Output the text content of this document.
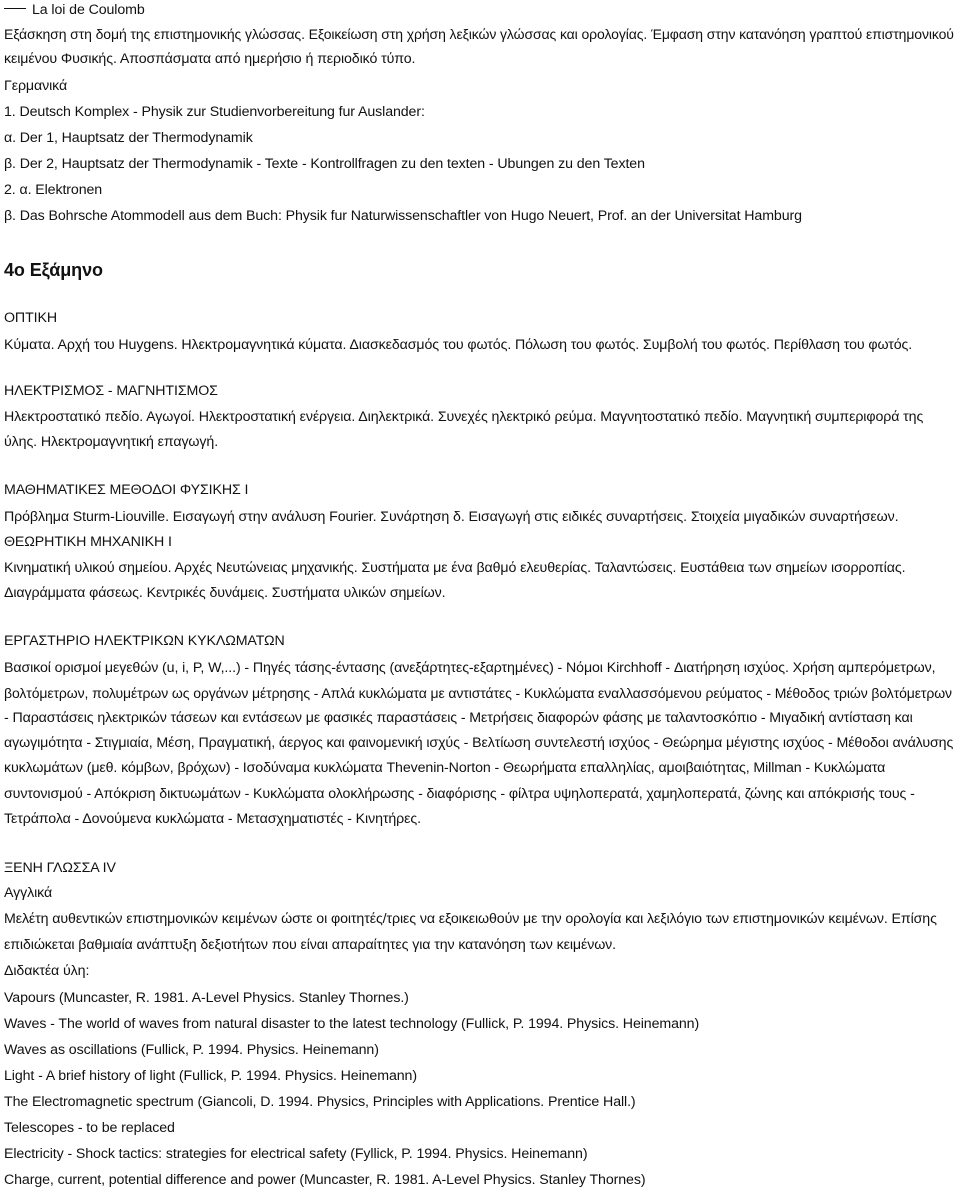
La loi de Coulomb
Εξάσκηση στη δομή της επιστημονικής γλώσσας. Εξοικείωση στη χρήση λεξικών γλώσσας και ορολογίας. Έμφαση στην κατανόηση γραπτού επιστημονικού
κειμένου Φυσικής. Αποσπάσματα από ημερήσιο ή περιοδικό τύπο.
Γερμανικά
1. Deutsch Komplex - Physik zur Studienvorbereitung fur Auslander:
α. Der 1, Hauptsatz der Thermodynamik
β. Der 2, Hauptsatz der Thermodynamik - Texte - Kontrollfragen zu den texten - Ubungen zu den Texten
2. α. Elektronen
β. Das Bohrsche Atommodell aus dem Buch: Physik fur Naturwissenschaftler von Hugo Neuert, Prof. an der Universitat Hamburg
4ο Εξάμηνο
ΟΠΤΙΚΗ
Κύματα. Αρχή του Huygens. Ηλεκτρομαγνητικά κύματα. Διασκεδασμός του φωτός. Πόλωση του φωτός. Συμβολή του φωτός. Περίθλαση του φωτός.
ΗΛΕΚΤΡΙΣΜΟΣ - ΜΑΓΝΗΤΙΣΜΟΣ
Ηλεκτροστατικό πεδίο. Αγωγοί. Ηλεκτροστατική ενέργεια. Διηλεκτρικά. Συνεχές ηλεκτρικό ρεύμα. Μαγνητοστατικό πεδίο. Μαγνητική συμπεριφορά της
ύλης. Ηλεκτρομαγνητική επαγωγή.
ΜΑΘΗΜΑΤΙΚΕΣ ΜΕΘΟΔΟΙ ΦΥΣΙΚΗΣ Ι
Πρόβλημα Sturm-Liouville. Εισαγωγή στην ανάλυση Fourier. Συνάρτηση δ. Εισαγωγή στις ειδικές συναρτήσεις. Στοιχεία μιγαδικών συναρτήσεων.
ΘΕΩΡΗΤΙΚΗ ΜΗΧΑΝΙΚΗ Ι
Κινηματική υλικού σημείου. Αρχές Νευτώνειας μηχανικής. Συστήματα με ένα βαθμό ελευθερίας. Ταλαντώσεις. Ευστάθεια των σημείων ισορροπίας.
Διαγράμματα φάσεως. Κεντρικές δυνάμεις. Συστήματα υλικών σημείων.
ΕΡΓΑΣΤΗΡΙΟ ΗΛΕΚΤΡΙΚΩΝ ΚΥΚΛΩΜΑΤΩΝ
Βασικοί ορισμοί μεγεθών (u, i, P, W,...) - Πηγές τάσης-έντασης (ανεξάρτητες-εξαρτημένες) - Νόμοι Kirchhoff - Διατήρηση ισχύος. Χρήση αμπερόμετρων,
βολτόμετρων, πολυμέτρων ως οργάνων μέτρησης - Απλά κυκλώματα με αντιστάτες - Κυκλώματα εναλλασσόμενου ρεύματος - Μέθοδος τριών βολτόμετρων
- Παραστάσεις ηλεκτρικών τάσεων και εντάσεων με φασικές παραστάσεις - Μετρήσεις διαφορών φάσης με ταλαντοσκόπιο - Μιγαδική αντίσταση και
αγωγιμότητα - Στιγμιαία, Μέση, Πραγματική, άεργος και φαινομενική ισχύς - Βελτίωση συντελεστή ισχύος - Θεώρημα μέγιστης ισχύος - Μέθοδοι ανάλυσης
κυκλωμάτων (μεθ. κόμβων, βρόχων) - Ισοδύναμα κυκλώματα Thevenin-Norton - Θεωρήματα επαλληλίας, αμοιβαιότητας, Millman - Κυκλώματα
συντονισμού - Απόκριση δικτυωμάτων - Κυκλώματα ολοκλήρωσης - διαφόρισης - φίλτρα υψηλοπερατά, χαμηλοπερατά, ζώνης και απόκρισής τους -
Τετράπολα - Δονούμενα κυκλώματα - Μετασχηματιστές - Κινητήρες.
ΞΕΝΗ ΓΛΩΣΣΑ IV
Αγγλικά
Μελέτη αυθεντικών επιστημονικών κειμένων ώστε οι φοιτητές/τριες να εξοικειωθούν με την ορολογία και λεξιλόγιο των επιστημονικών κειμένων. Επίσης
επιδιώκεται βαθμιαία ανάπτυξη δεξιοτήτων που είναι απαραίτητες για την κατανόηση των κειμένων.
Διδακτέα ύλη:
Vapours (Muncaster, R. 1981. A-Level Physics. Stanley Thornes.)
Waves - The world of waves from natural disaster to the latest technology (Fullick, P. 1994. Physics. Heinemann)
Waves as oscillations (Fullick, P. 1994. Physics. Heinemann)
Light - A brief history of light (Fullick, P. 1994. Physics. Heinemann)
The Electromagnetic spectrum (Giancoli, D. 1994. Physics, Principles with Applications. Prentice Hall.)
Telescopes - to be replaced
Electricity - Shock tactics: strategies for electrical safety (Fyllick, P. 1994. Physics. Heinemann)
Charge, current, potential difference and power (Muncaster, R. 1981. A-Level Physics. Stanley Thornes)
